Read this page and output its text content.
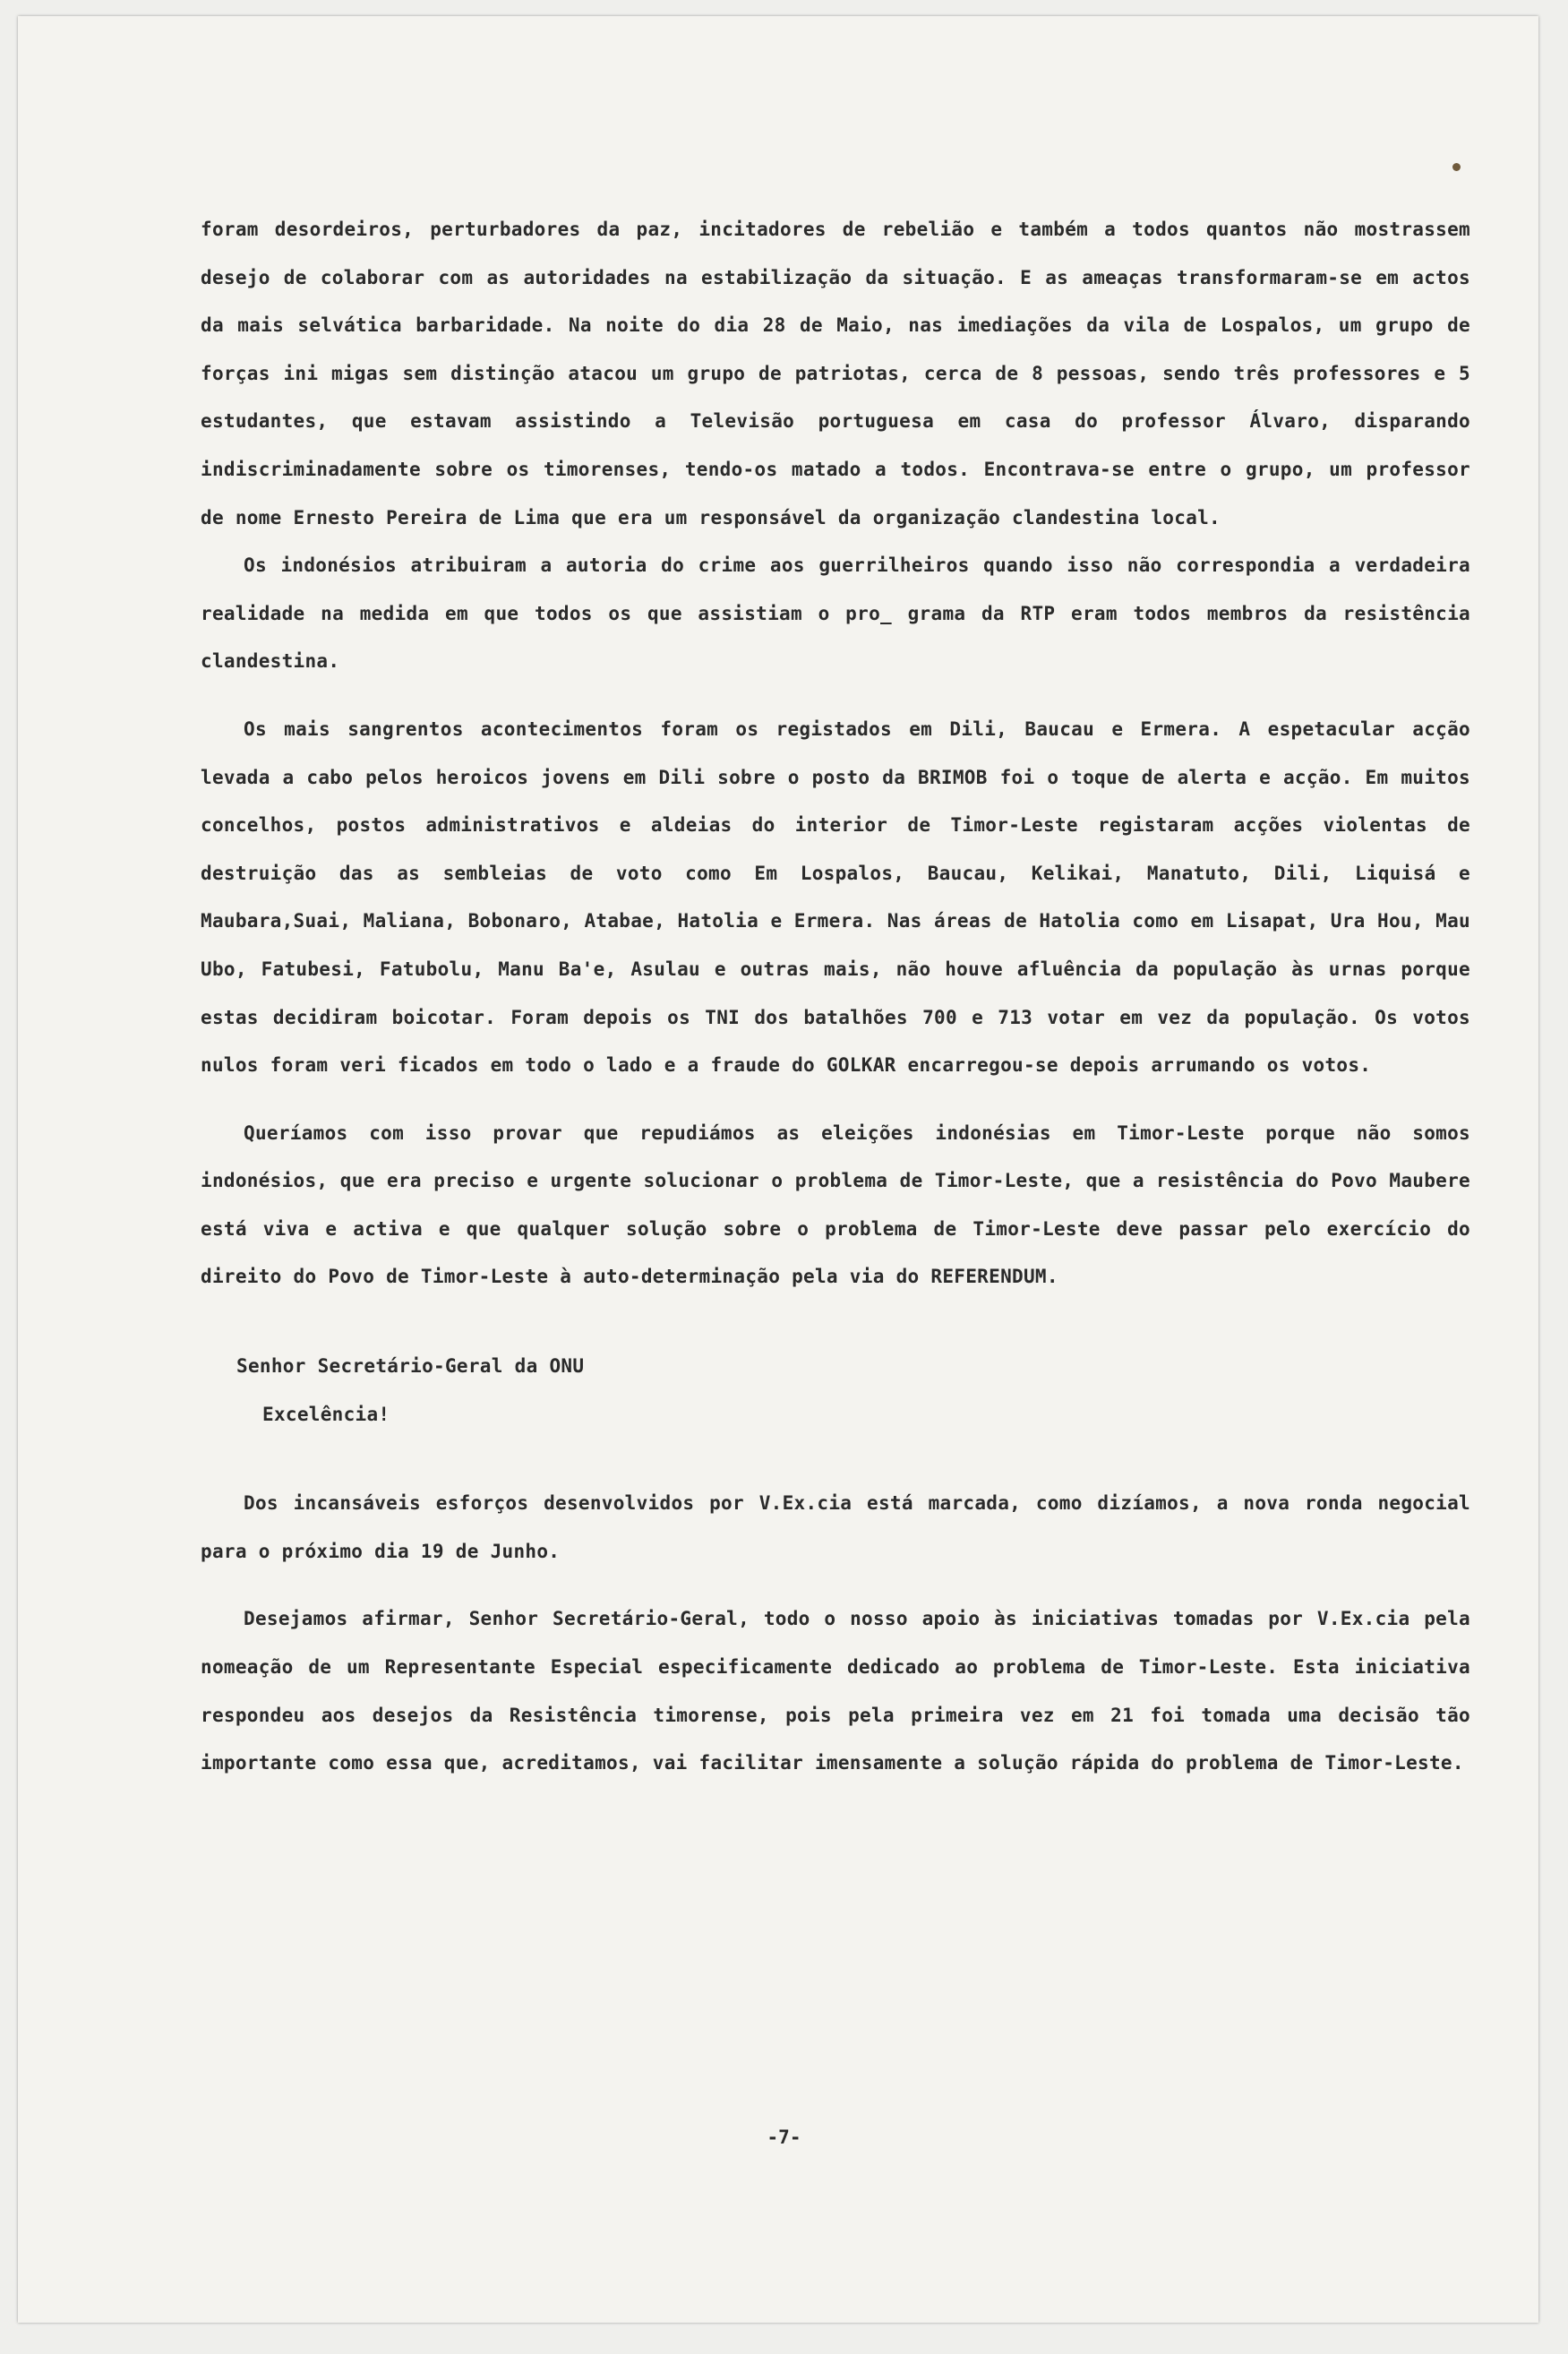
foram desordeiros, perturbadores da paz, incitadores de rebelião e também a todos quantos não mostrassem desejo de colaborar com as autoridades na estabilização da situação. E as ameaças transformaram-se em actos da mais selvática barbaridade. Na noite do dia 28 de Maio, nas imediações da vila de Lospalos, um grupo de forças ini migas sem distinção atacou um grupo de patriotas, cerca de 8 pessoas, sendo três professores e 5 estudantes, que estavam assistindo a Televisão portuguesa em casa do professor Álvaro, disparando indiscriminadamente sobre os timorenses, tendo-os matado a todos. Encontrava-se entre o grupo, um professor de nome Ernesto Pereira de Lima que era um responsável da organização clandestina local.

Os indonésios atribuiram a autoria do crime aos guerrilheiros quando isso não correspondia a verdadeira realidade na medida em que todos os que assistiam o pro_ grama da RTP eram todos membros da resistência clandestina.

Os mais sangrentos acontecimentos foram os registados em Dili, Baucau e Ermera. A espetacular acção levada a cabo pelos heroicos jovens em Dili sobre o posto da BRIMOB foi o toque de alerta e acção. Em muitos concelhos, postos administrativos e aldeias do interior de Timor-Leste registaram acções violentas de destruição das as sembleias de voto como Em Lospalos, Baucau, Kelikai, Manatuto, Dili, Liquisá e Maubara,Suai, Maliana, Bobonaro, Atabae, Hatolia e Ermera. Nas áreas de Hatolia como em Lisapat, Ura Hou, Mau Ubo, Fatubesi, Fatubolu, Manu Ba'e, Asulau e outras mais, não houve afluência da população às urnas porque estas decidiram boicotar. Foram depois os TNI dos batalhões 700 e 713 votar em vez da população. Os votos nulos foram veri ficados em todo o lado e a fraude do GOLKAR encarregou-se depois arrumando os votos.

Queríamos com isso provar que repudiámos as eleições indonésias em Timor-Leste porque não somos indonésios, que era preciso e urgente solucionar o problema de Timor-Leste, que a resistência do Povo Maubere está viva e activa e que qualquer solução sobre o problema de Timor-Leste deve passar pelo exercício do direito do Povo de Timor-Leste à auto-determinação pela via do REFERENDUM.

Senhor Secretário-Geral da ONU

Excelência!

Dos incansáveis esforços desenvolvidos por V.Ex.cia está marcada, como dizíamos, a nova ronda negocial para o próximo dia 19 de Junho.

Desejamos afirmar, Senhor Secretário-Geral, todo o nosso apoio às iniciativas tomadas por V.Ex.cia pela nomeação de um Representante Especial especificamente dedicado ao problema de Timor-Leste. Esta iniciativa respondeu aos desejos da Resistência timorense, pois pela primeira vez em 21 foi tomada uma decisão tão importante como essa que, acreditamos, vai facilitar imensamente a solução rápida do problema de Timor-Leste.

-7-
